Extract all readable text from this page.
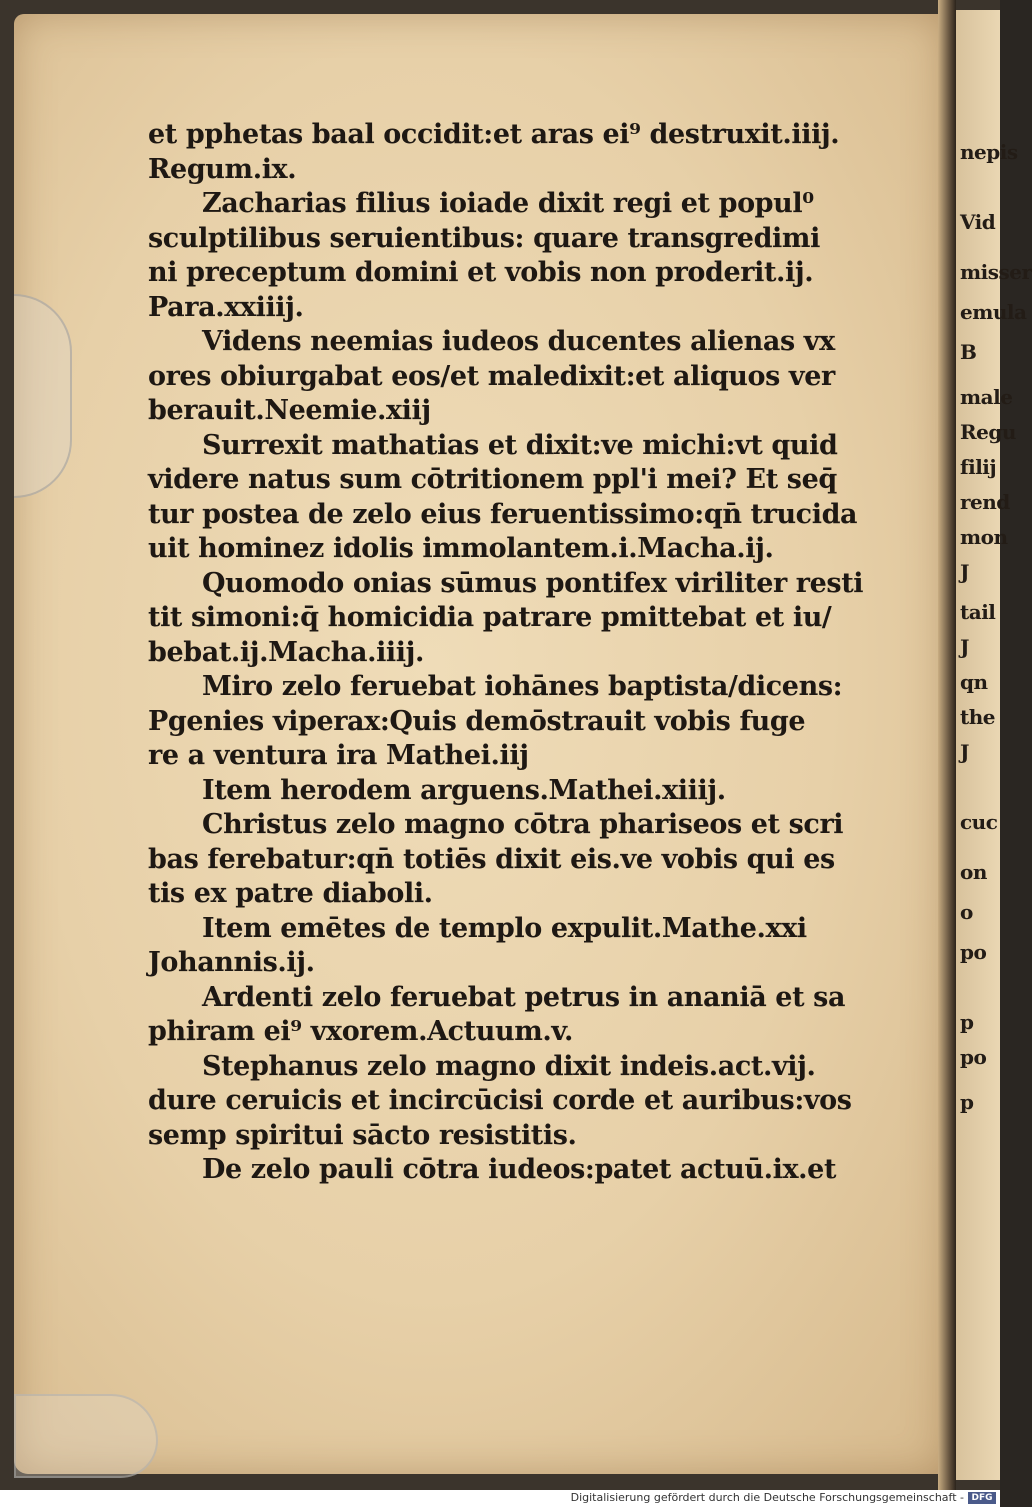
nepis
Vid
misser
emula
B
male
Regu
filij
rend
mon
J
tail
J
qn
the
J
cuc
on
o
po
p
po
p
et pphetas baal occidit:et aras ei⁹ destruxit.iiij.
Regum.ix.
Zacharias filius ioiade dixit regi et popul⁰
sculptilibus seruientibus: quare transgredimi
ni preceptum domini et vobis non proderit.ij.
Para.xxiiij.
Videns neemias iudeos ducentes alienas vx
ores obiurgabat eos/et maledixit:et aliquos ver
berauit.Neemie.xiij
Surrexit mathatias et dixit:ve michi:vt quid
videre natus sum cōtritionem ppl'i mei? Et seq̄
tur postea de zelo eius feruentissimo:qn̄ trucida
uit hominez idolis immolantem.i.Macha.ij.
Quomodo onias sūmus pontifex viriliter resti
tit simoni:q̄ homicidia patrare pmittebat et iu/
bebat.ij.Macha.iiij.
Miro zelo feruebat iohānes baptista/dicens:
Pgenies viperax:Quis demōstrauit vobis fuge
re a ventura ira Mathei.iij
Item herodem arguens.Mathei.xiiij.
Christus zelo magno cōtra phariseos et scri
bas ferebatur:qn̄ totiēs dixit eis.ve vobis qui es
tis ex patre diaboli.
Item emētes de templo expulit.Mathe.xxi
Johannis.ij.
Ardenti zelo feruebat petrus in ananiā et sa
phiram ei⁹ vxorem.Actuum.v.
Stephanus zelo magno dixit indeis.act.vij.
dure ceruicis et incircūcisi corde et auribus:vos
semp spiritui sācto resistitis.
De zelo pauli cōtra iudeos:patet actuū.ix.et
Digitalisierung gefördert durch die Deutsche Forschungsgemeinschaft - DFG
